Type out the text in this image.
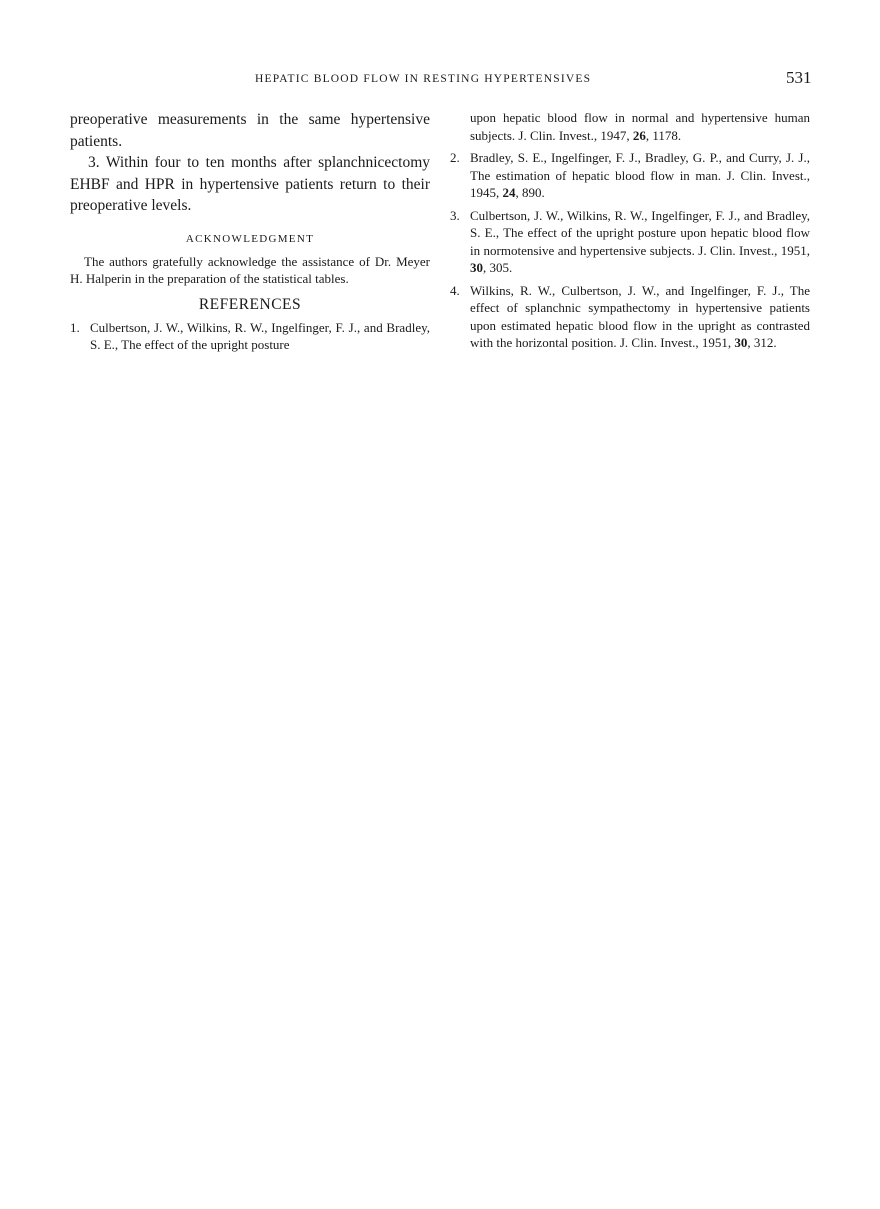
HEPATIC BLOOD FLOW IN RESTING HYPERTENSIVES	531

preoperative measurements in the same hypertensive patients.

3. Within four to ten months after splanchnicectomy EHBF and HPR in hypertensive patients return to their preoperative levels.

ACKNOWLEDGMENT

The authors gratefully acknowledge the assistance of Dr. Meyer H. Halperin in the preparation of the statistical tables.

REFERENCES
1. Culbertson, J. W., Wilkins, R. W., Ingelfinger, F. J., and Bradley, S. E., The effect of the upright posture
upon hepatic blood flow in normal and hypertensive human subjects. J. Clin. Invest., 1947, 26, 1178.
2. Bradley, S. E., Ingelfinger, F. J., Bradley, G. P., and Curry, J. J., The estimation of hepatic blood flow in man. J. Clin. Invest., 1945, 24, 890.
3. Culbertson, J. W., Wilkins, R. W., Ingelfinger, F. J., and Bradley, S. E., The effect of the upright posture upon hepatic blood flow in normotensive and hypertensive subjects. J. Clin. Invest., 1951, 30, 305.
4. Wilkins, R. W., Culbertson, J. W., and Ingelfinger, F. J., The effect of splanchnic sympathectomy in hypertensive patients upon estimated hepatic blood flow in the upright as contrasted with the horizontal position. J. Clin. Invest., 1951, 30, 312.
